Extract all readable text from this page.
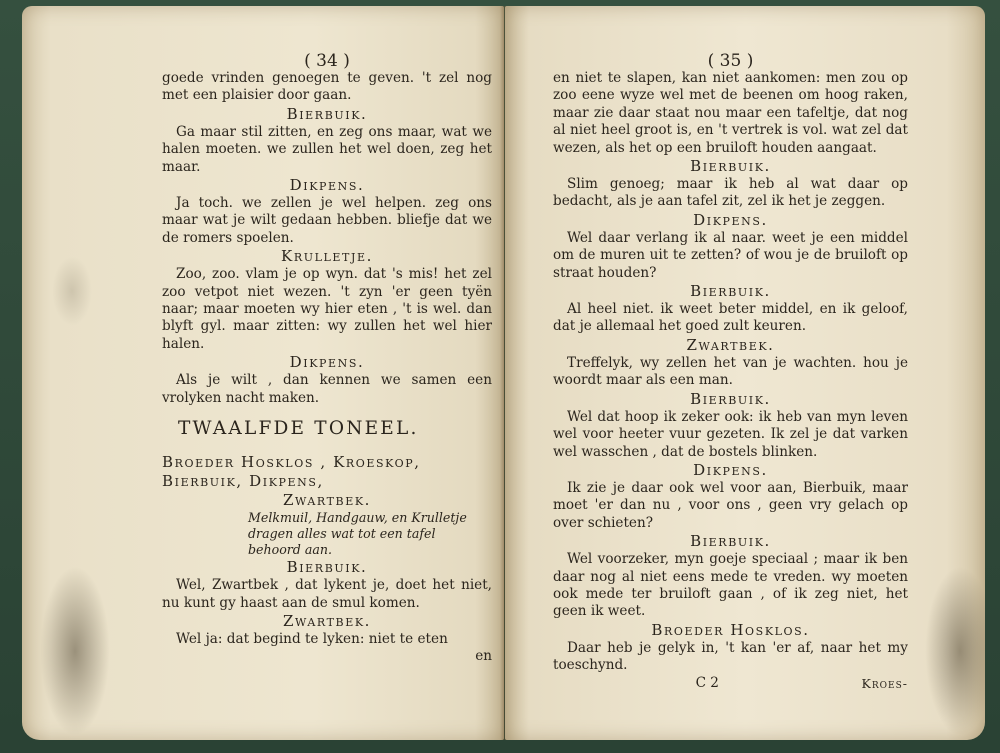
( 34 )

goede vrinden genoegen te geven. 't zel nog met een plaisier door gaan.

Bierbuik.

Ga maar stil zitten, en zeg ons maar, wat we halen moeten. we zullen het wel doen, zeg het maar.

Dikpens.

Ja toch. we zellen je wel helpen. zeg ons maar wat je wilt gedaan hebben. bliefje dat we de romers spoelen.

Krulletje.

Zoo, zoo. vlam je op wyn. dat 's mis! het zel zoo vetpot niet wezen. 't zyn 'er geen tyën naar; maar moeten wy hier eten , 't is wel. dan blyft gyl. maar zitten: wy zullen het wel hier halen.

Dikpens.

Als je wilt , dan kennen we samen een vrolyken nacht maken.

TWAALFDE TONEEL.

Broeder Hosklos , Kroeskop,

Bierbuik, Dikpens,

Zwartbek.

Melkmuil, Handgauw, en Krulletje dragen alles wat tot een tafel behoord aan.

Bierbuik.

Wel, Zwartbek , dat lykent je, doet het niet, nu kunt gy haast aan de smul komen.

Zwartbek.

Wel ja: dat begind te lyken: niet te eten

en

( 35 )

en niet te slapen, kan niet aankomen: men zou op zoo eene wyze wel met de beenen om hoog raken, maar zie daar staat nou maar een tafeltje, dat nog al niet heel groot is, en 't vertrek is vol. wat zel dat wezen, als het op een bruiloft houden aangaat.

Bierbuik.

Slim genoeg; maar ik heb al wat daar op bedacht, als je aan tafel zit, zel ik het je zeggen.

Dikpens.

Wel daar verlang ik al naar. weet je een middel om de muren uit te zetten? of wou je de bruiloft op straat houden?

Bierbuik.

Al heel niet. ik weet beter middel, en ik geloof, dat je allemaal het goed zult keuren.

Zwartbek.

Treffelyk, wy zellen het van je wachten. hou je woordt maar als een man.

Bierbuik.

Wel dat hoop ik zeker ook: ik heb van myn leven wel voor heeter vuur gezeten. Ik zel je dat varken wel wasschen , dat de bostels blinken.

Dikpens.

Ik zie je daar ook wel voor aan, Bierbuik, maar moet 'er dan nu , voor ons , geen vry gelach op over schieten?

Bierbuik.

Wel voorzeker, myn goeje speciaal ; maar ik ben daar nog al niet eens mede te vreden. wy moeten ook mede ter bruiloft gaan , of ik zeg niet, het geen ik weet.

Broeder Hosklos.

Daar heb je gelyk in, 't kan 'er af, naar het my toeschynd.

C 2	Kroes-
